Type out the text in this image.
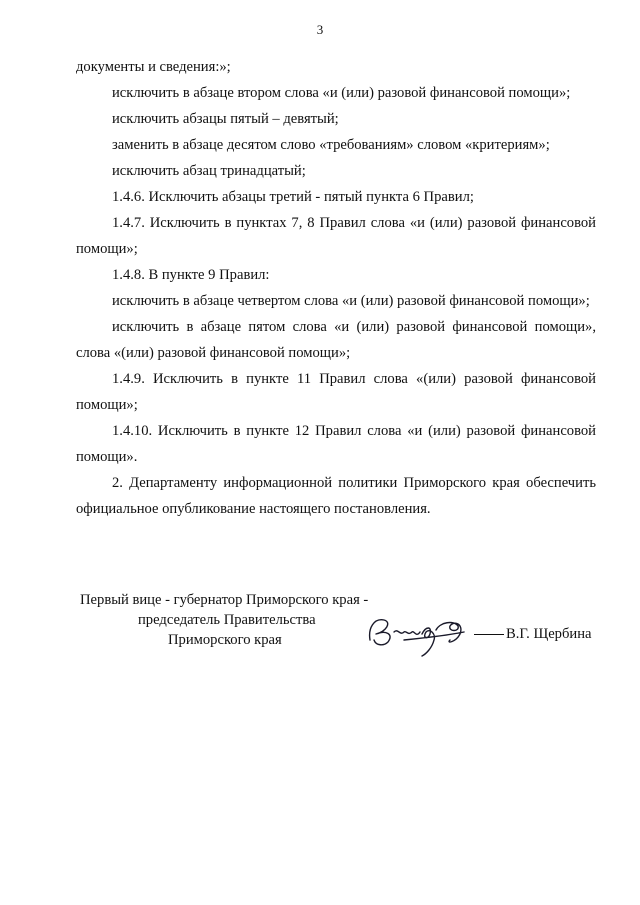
3

документы и сведения:»;

исключить в абзаце втором слова «и (или) разовой финансовой помощи»;

исключить абзацы пятый – девятый;

заменить в абзаце десятом слово «требованиям» словом «критериям»;

исключить абзац тринадцатый;

1.4.6. Исключить абзацы третий - пятый пункта 6 Правил;

1.4.7. Исключить в пунктах 7, 8 Правил слова «и (или) разовой финансовой помощи»;

1.4.8. В пункте 9 Правил:

исключить в абзаце четвертом слова «и (или) разовой финансовой помощи»;

исключить в абзаце пятом слова «и (или) разовой финансовой помощи», слова «(или) разовой финансовой помощи»;

1.4.9. Исключить в пункте 11 Правил слова «(или) разовой финансовой помощи»;

1.4.10. Исключить в пункте 12 Правил слова «и (или) разовой финансовой помощи».

2. Департаменту информационной политики Приморского края обеспечить официальное опубликование настоящего постановления.

Первый вице - губернатор Приморского края -
председатель Правительства
Приморского края	В.Г. Щербина
